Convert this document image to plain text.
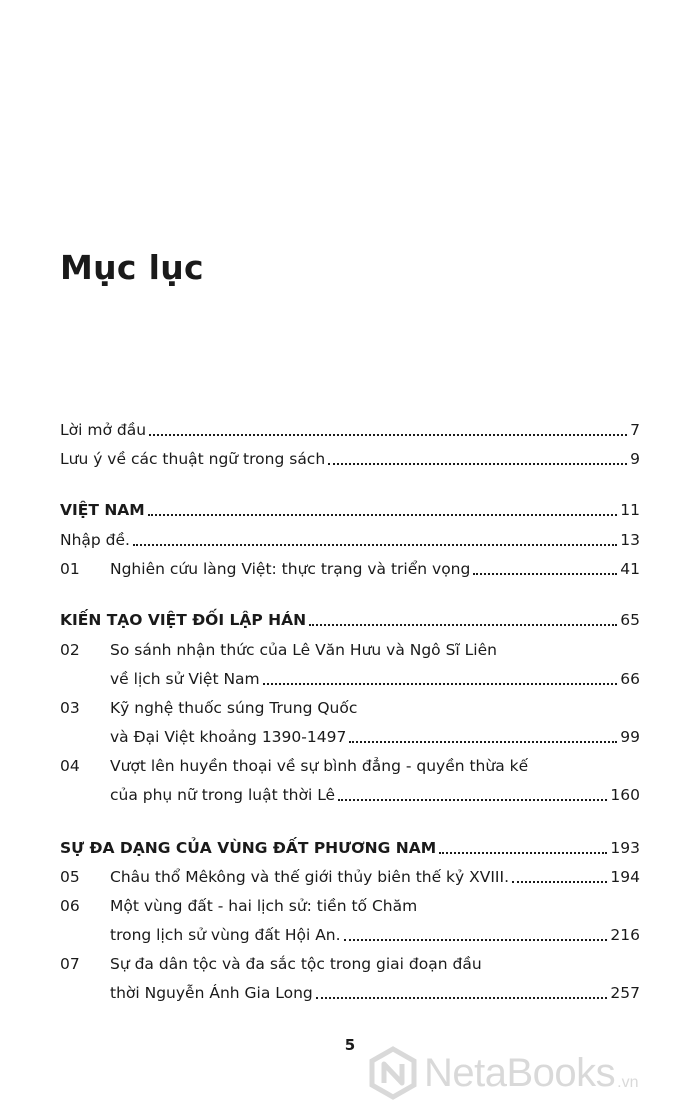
Mục lục
Lời mở đầu	7
Lưu ý về các thuật ngữ trong sách	9
VIỆT NAM	11
Nhập đề.	13
01	Nghiên cứu làng Việt: thực trạng và triển vọng	41
KIẾN TẠO VIỆT ĐỐI LẬP HÁN	65
02	So sánh nhận thức của Lê Văn Hưu và Ngô Sĩ Liên
về lịch sử Việt Nam	66
03	Kỹ nghệ thuốc súng Trung Quốc
và Đại Việt khoảng 1390-1497	99
04	Vượt lên huyền thoại về sự bình đẳng - quyền thừa kế
của phụ nữ trong luật thời Lê	160
SỰ ĐA DẠNG CỦA VÙNG ĐẤT PHƯƠNG NAM	193
05	Châu thổ Mêkông và thế giới thủy biên thế kỷ XVIII.	194
06	Một vùng đất - hai lịch sử: tiền tố Chăm
trong lịch sử vùng đất Hội An.	216
07	Sự đa dân tộc và đa sắc tộc trong giai đoạn đầu
thời Nguyễn Ánh Gia Long	257
5
NetaBooks .vn
